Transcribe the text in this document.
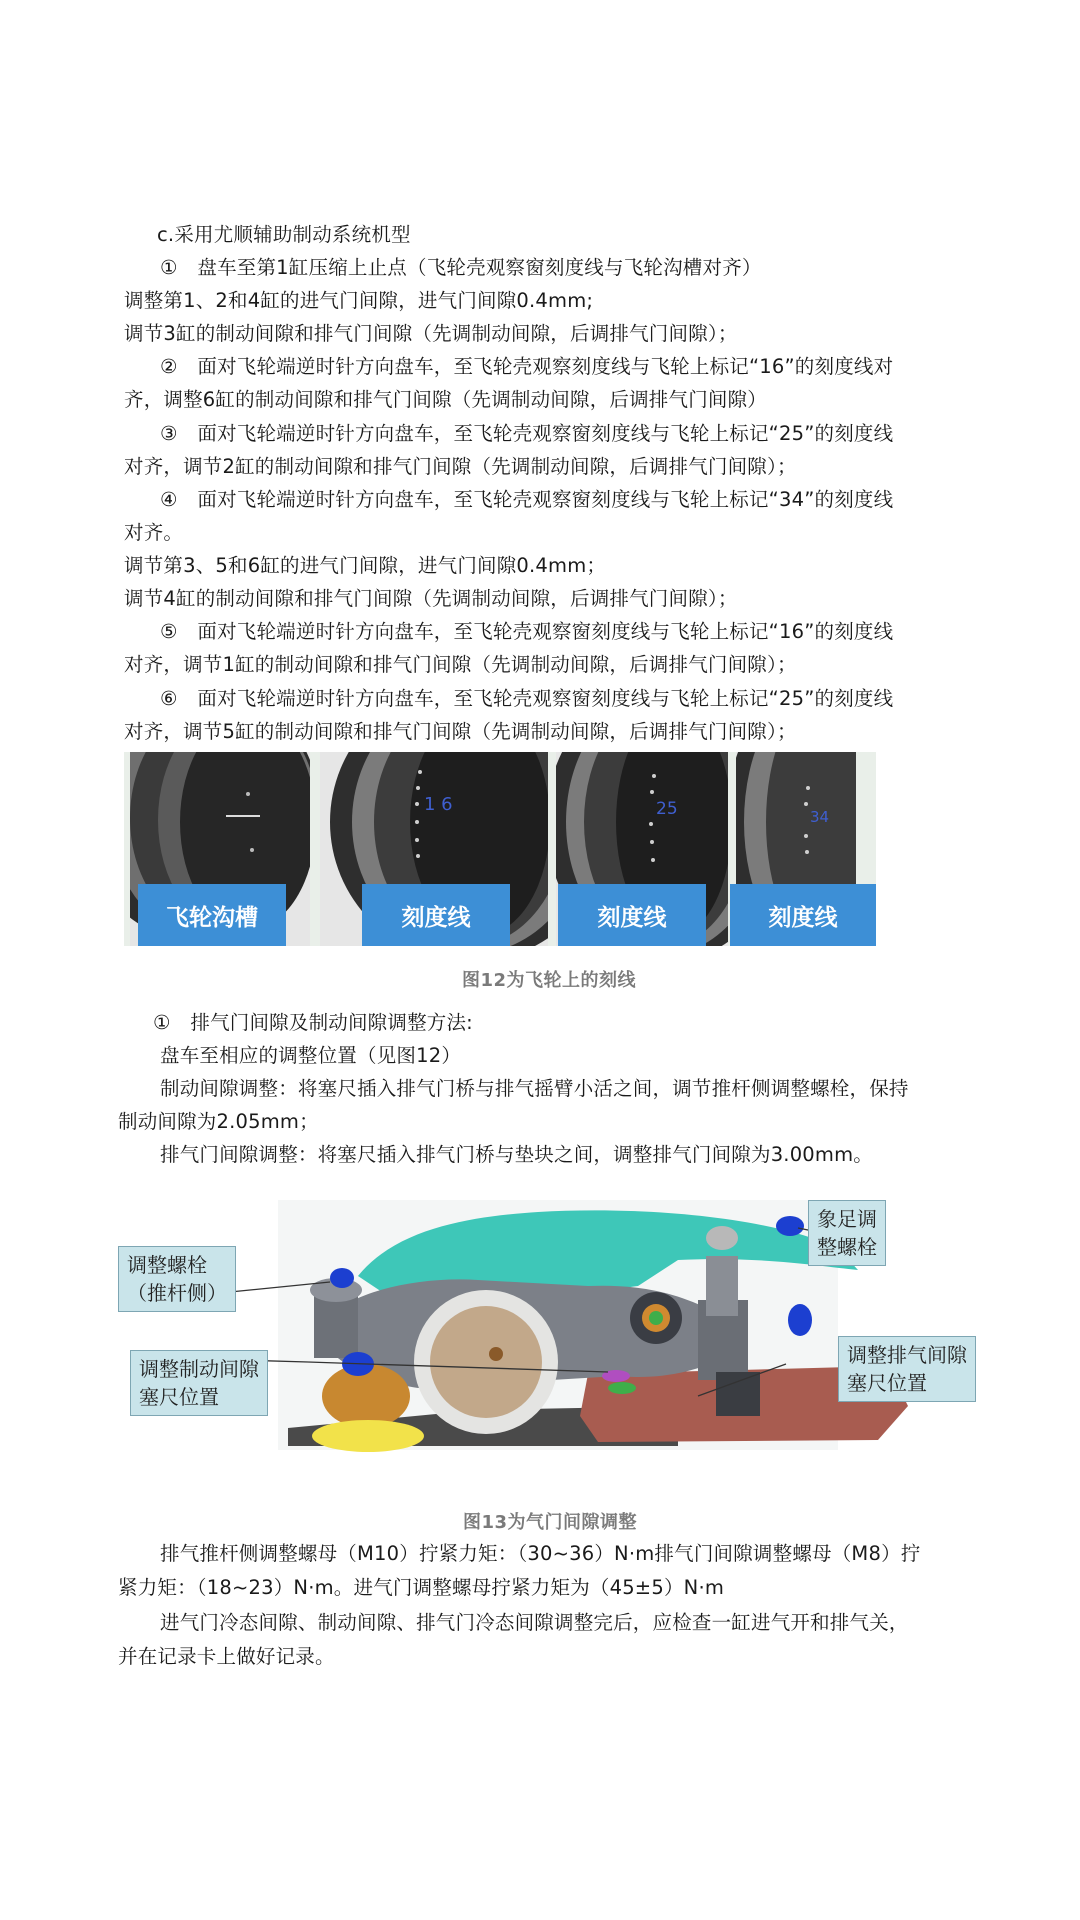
c.采用尤顺辅助制动系统机型
①　盘车至第1缸压缩上止点（飞轮壳观察窗刻度线与飞轮沟槽对齐）
调整第1、2和4缸的进气门间隙，进气门间隙0.4mm;
调节3缸的制动间隙和排气门间隙（先调制动间隙，后调排气门间隙）；
②　面对飞轮端逆时针方向盘车，至飞轮壳观察刻度线与飞轮上标记“16”的刻度线对
齐，调整6缸的制动间隙和排气门间隙（先调制动间隙，后调排气门间隙）
③　面对飞轮端逆时针方向盘车，至飞轮壳观察窗刻度线与飞轮上标记“25”的刻度线
对齐，调节2缸的制动间隙和排气门间隙（先调制动间隙，后调排气门间隙）；
④　面对飞轮端逆时针方向盘车，至飞轮壳观察窗刻度线与飞轮上标记“34”的刻度线
对齐。
调节第3、5和6缸的进气门间隙，进气门间隙0.4mm；
调节4缸的制动间隙和排气门间隙（先调制动间隙，后调排气门间隙）；
⑤　面对飞轮端逆时针方向盘车，至飞轮壳观察窗刻度线与飞轮上标记“16”的刻度线
对齐，调节1缸的制动间隙和排气门间隙（先调制动间隙，后调排气门间隙）；
⑥　面对飞轮端逆时针方向盘车，至飞轮壳观察窗刻度线与飞轮上标记“25”的刻度线
对齐，调节5缸的制动间隙和排气门间隙（先调制动间隙，后调排气门间隙）；
1 6	25	34
飞轮沟槽	刻度线	刻度线	刻度线
图12为飞轮上的刻线
①　排气门间隙及制动间隙调整方法:
盘车至相应的调整位置（见图12）
制动间隙调整：将塞尺插入排气门桥与排气摇臂小活之间，调节推杆侧调整螺栓，保持
制动间隙为2.05mm；
排气门间隙调整：将塞尺插入排气门桥与垫块之间，调整排气门间隙为3.00mm。
调整螺栓
（推杆侧）
象足调
整螺栓
调整排气间隙
塞尺位置
调整制动间隙
塞尺位置
图13为气门间隙调整
排气推杆侧调整螺母（M10）拧紧力矩：（30~36）N·m排气门间隙调整螺母（M8）拧
紧力矩：（18~23）N·m。进气门调整螺母拧紧力矩为（45±5）N·m
进气门冷态间隙、制动间隙、排气门冷态间隙调整完后，应检查一缸进气开和排气关，
并在记录卡上做好记录。
